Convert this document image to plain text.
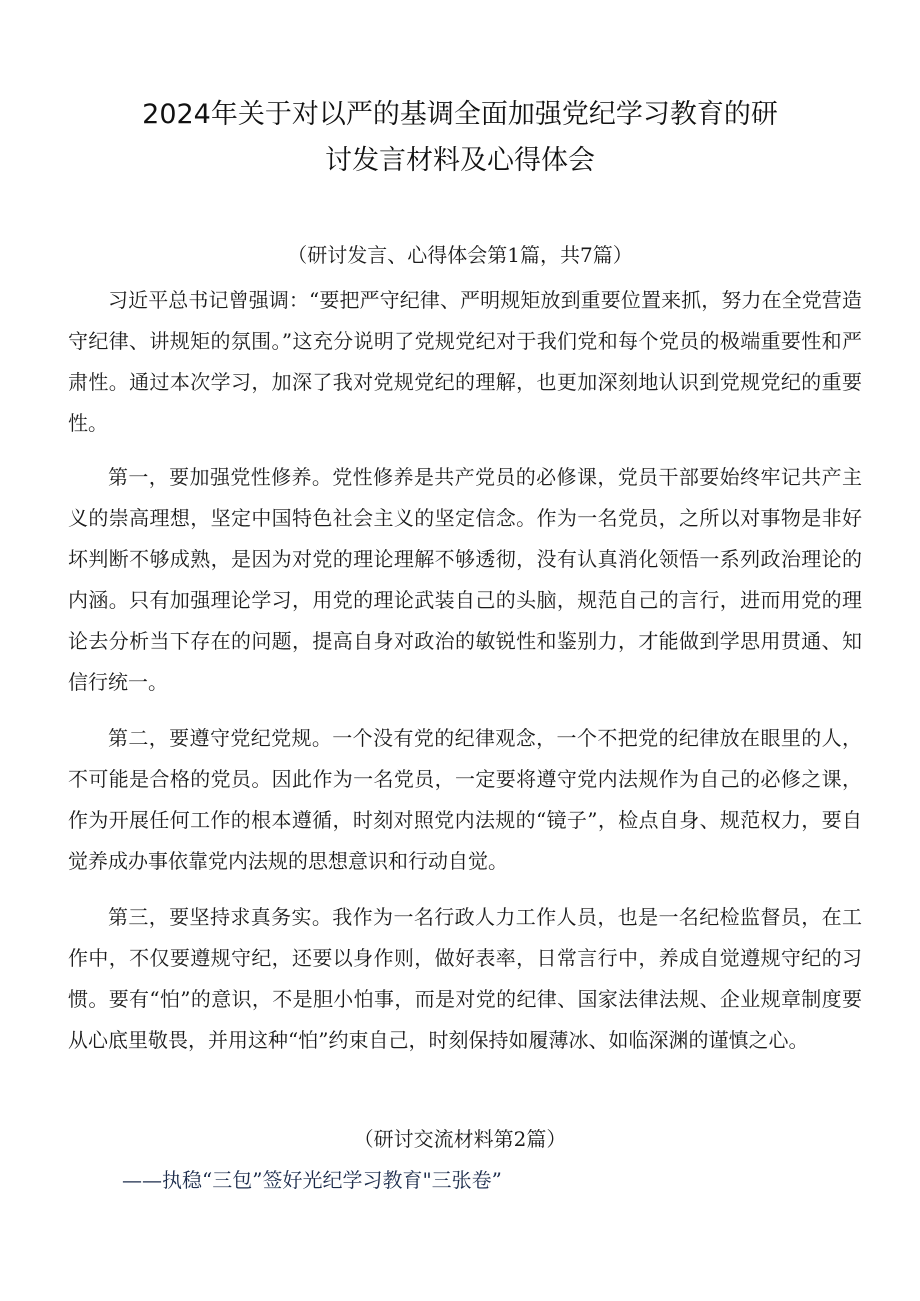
2024年关于对以严的基调全面加强党纪学习教育的研
讨发言材料及心得体会
（研讨发言、心得体会第1篇，共7篇）

习近平总书记曾强调：“要把严守纪律、严明规矩放到重要位置来抓，努力在全党营造守纪律、讲规矩的氛围。”这充分说明了党规党纪对于我们党和每个党员的极端重要性和严肃性。通过本次学习，加深了我对党规党纪的理解，也更加深刻地认识到党规党纪的重要性。

第一，要加强党性修养。党性修养是共产党员的必修课，党员干部要始终牢记共产主义的崇高理想，坚定中国特色社会主义的坚定信念。作为一名党员，之所以对事物是非好坏判断不够成熟，是因为对党的理论理解不够透彻，没有认真消化领悟一系列政治理论的内涵。只有加强理论学习，用党的理论武装自己的头脑，规范自己的言行，进而用党的理论去分析当下存在的问题，提高自身对政治的敏锐性和鉴别力，才能做到学思用贯通、知信行统一。

第二，要遵守党纪党规。一个没有党的纪律观念，一个不把党的纪律放在眼里的人，不可能是合格的党员。因此作为一名党员，一定要将遵守党内法规作为自己的必修之课，作为开展任何工作的根本遵循，时刻对照党内法规的“镜子”，检点自身、规范权力，要自觉养成办事依靠党内法规的思想意识和行动自觉。

第三，要坚持求真务实。我作为一名行政人力工作人员，也是一名纪检监督员，在工作中，不仅要遵规守纪，还要以身作则，做好表率，日常言行中，养成自觉遵规守纪的习惯。要有“怕”的意识，不是胆小怕事，而是对党的纪律、国家法律法规、企业规章制度要从心底里敬畏，并用这种“怕”约束自己，时刻保持如履薄冰、如临深渊的谨慎之心。

（研讨交流材料第2篇）
——执稳“三包”签好光纪学习教育"三张卷”
